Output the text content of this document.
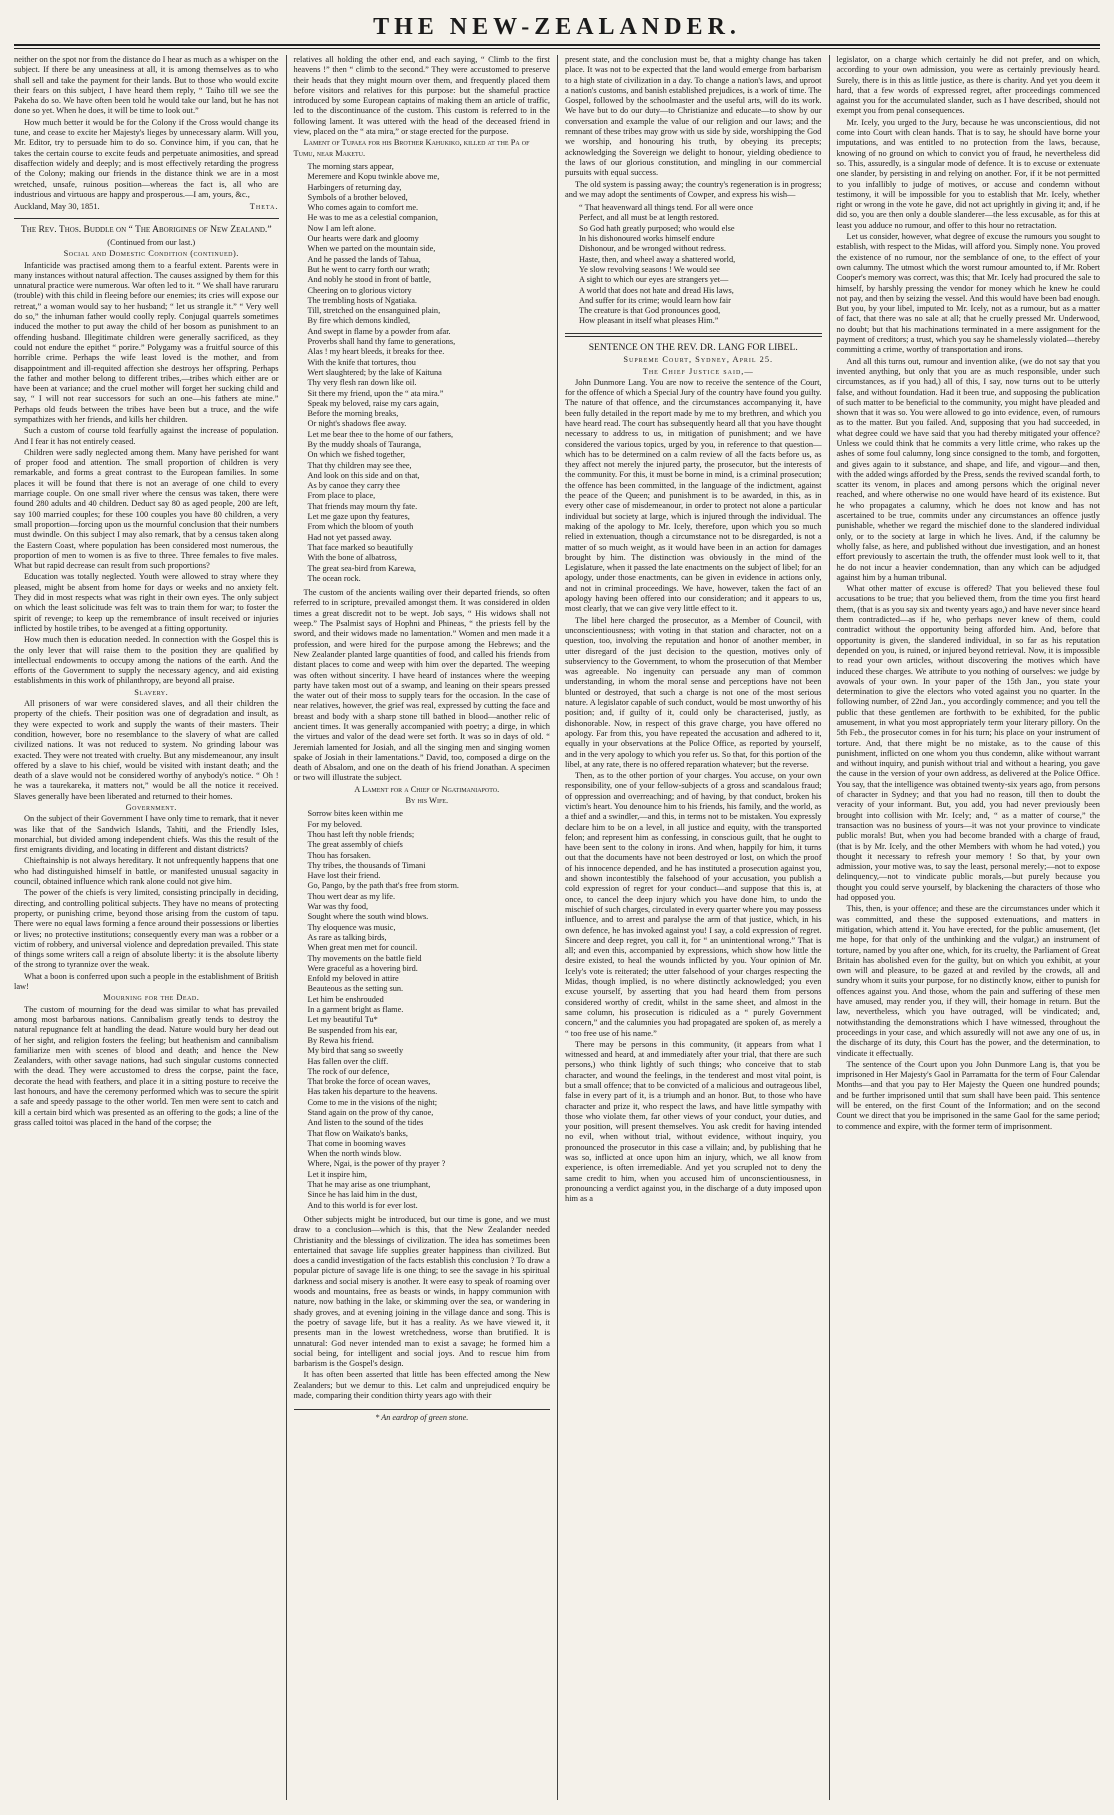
THE NEW-ZEALANDER.

neither on the spot nor from the distance do I hear as much as a whisper on the subject. If there be any uneasiness at all, it is among themselves as to who shall sell and take the payment for their lands. But to those who would excite their fears on this subject, I have heard them reply, “ Taiho till we see the Pakeha do so. We have often been told he would take our land, but he has not done so yet. When he does, it will be time to look out.”

How much better it would be for the Colony if the Cross would change its tune, and cease to excite her Majesty's lieges by unnecessary alarm. Will you, Mr. Editor, try to persuade him to do so. Convince him, if you can, that he takes the certain course to excite feuds and perpetuate animosities, and spread disaffection widely and deeply; and is most effectively retarding the progress of the Colony; making our friends in the distance think we are in a most wretched, unsafe, ruinous position—whereas the fact is, all who are industrious and virtuous are happy and prosperous.—I am, yours, &c.,

Auckland, May 30, 1851.	Theta.
The Rev. Thos. Buddle on “ The Aborigines of New Zealand.”

(Continued from our last.)

Social and Domestic Condition (continued).

Infanticide was practised among them to a fearful extent. Parents were in many instances without natural affection. The causes assigned by them for this unnatural practice were numerous. War often led to it. “ We shall have raruraru (trouble) with this child in fleeing before our enemies; its cries will expose our retreat,” a woman would say to her husband; “ let us strangle it.” “ Very well do so,” the inhuman father would coolly reply. Conjugal quarrels sometimes induced the mother to put away the child of her bosom as punishment to an offending husband. Illegitimate children were generally sacrificed, as they could not endure the epithet “ porire.” Polygamy was a fruitful source of this horrible crime. Perhaps the wife least loved is the mother, and from disappointment and ill-requited affection she destroys her offspring. Perhaps the father and mother belong to different tribes,—tribes which either are or have been at variance; and the cruel mother will forget her sucking child and say, “ I will not rear successors for such an one—his fathers ate mine.” Perhaps old feuds between the tribes have been but a truce, and the wife sympathizes with her friends, and kills her children.

Such a custom of course told fearfully against the increase of population. And I fear it has not entirely ceased.

Children were sadly neglected among them. Many have perished for want of proper food and attention. The small proportion of children is very remarkable, and forms a great contrast to the European families. In some places it will be found that there is not an average of one child to every marriage couple. On one small river where the census was taken, there were found 280 adults and 40 children. Deduct say 80 as aged people, 200 are left, say 100 married couples; for these 100 couples you have 80 children, a very small proportion—forcing upon us the mournful conclusion that their numbers must dwindle. On this subject I may also remark, that by a census taken along the Eastern Coast, where population has been considered most numerous, the proportion of men to women is as five to three. Three females to five males. What but rapid decrease can result from such proportions?

Education was totally neglected. Youth were allowed to stray where they pleased, might be absent from home for days or weeks and no anxiety felt. They did in most respects what was right in their own eyes. The only subject on which the least solicitude was felt was to train them for war; to foster the spirit of revenge; to keep up the remembrance of insult received or injuries inflicted by hostile tribes, to be avenged at a fitting opportunity.

How much then is education needed. In connection with the Gospel this is the only lever that will raise them to the position they are qualified by intellectual endowments to occupy among the nations of the earth. And the efforts of the Government to supply the necessary agency, and aid existing establishments in this work of philanthropy, are beyond all praise.

Slavery.

All prisoners of war were considered slaves, and all their children the property of the chiefs. Their position was one of degradation and insult, as they were expected to work and supply the wants of their masters. Their condition, however, bore no resemblance to the slavery of what are called civilized nations. It was not reduced to system. No grinding labour was exacted. They were not treated with cruelty. But any misdemeanour, any insult offered by a slave to his chief, would be visited with instant death; and the death of a slave would not be considered worthy of anybody's notice. “ Oh ! he was a taurekareka, it matters not,” would be all the notice it received. Slaves generally have been liberated and returned to their homes.

Government.

On the subject of their Government I have only time to remark, that it never was like that of the Sandwich Islands, Tahiti, and the Friendly Isles, monarchial, but divided among independent chiefs. Was this the result of the first emigrants dividing, and locating in different and distant districts?

Chieftainship is not always hereditary. It not unfrequently happens that one who had distinguished himself in battle, or manifested unusual sagacity in council, obtained influence which rank alone could not give him.

The power of the chiefs is very limited, consisting principally in deciding, directing, and controlling political subjects. They have no means of protecting property, or punishing crime, beyond those arising from the custom of tapu. There were no equal laws forming a fence around their possessions or liberties or lives; no protective institutions; consequently every man was a robber or a victim of robbery, and universal violence and depredation prevailed. This state of things some writers call a reign of absolute liberty: it is the absolute liberty of the strong to tyrannize over the weak.

What a boon is conferred upon such a people in the establishment of British law!

Mourning for the Dead.

The custom of mourning for the dead was similar to what has prevailed among most barbarous nations. Cannibalism greatly tends to destroy the natural repugnance felt at handling the dead. Nature would bury her dead out of her sight, and religion fosters the feeling; but heathenism and cannibalism familiarize men with scenes of blood and death; and hence the New Zealanders, with other savage nations, had such singular customs connected with the dead. They were accustomed to dress the corpse, paint the face, decorate the head with feathers, and place it in a sitting posture to receive the last honours, and have the ceremony performed which was to secure the spirit a safe and speedy passage to the other world. Ten men were sent to catch and kill a certain bird which was presented as an offering to the gods; a line of the grass called toitoi was placed in the hand of the corpse; the

relatives all holding the other end, and each saying, “ Climb to the first heavens !” then “ climb to the second.” They were accustomed to preserve their heads that they might mourn over them, and frequently placed them before visitors and relatives for this purpose: but the shameful practice introduced by some European captains of making them an article of traffic, led to the discontinuance of the custom. This custom is referred to in the following lament. It was uttered with the head of the deceased friend in view, placed on the “ ata mira,” or stage erected for the purpose.

Lament of Tupaea for his Brother Kahukiko, killed at the Pa of Tumu, near Maketu.

The morning stars appear,
Meremere and Kopu twinkle above me,
Harbingers of returning day,
Symbols of a brother beloved,
Who comes again to comfort me.
He was to me as a celestial companion,
Now I am left alone.
Our hearts were dark and gloomy
When we parted on the mountain side,
And he passed the lands of Tahua,
But he went to carry forth our wrath;
And nobly he stood in front of battle,
Cheering on to glorious victory
The trembling hosts of Ngatiaka.
Till, stretched on the ensanguined plain,
By fire which demons kindled,
And swept in flame by a powder from afar.
Proverbs shall hand thy fame to generations,
Alas ! my heart bleeds, it breaks for thee.
With the knife that tortures, thou
Wert slaughtered; by the lake of Kaituna
Thy very flesh ran down like oil.
Sit there my friend, upon the “ ata mira.”
Speak my beloved, raise my cars again,
Before the morning breaks,
Or night's shadows flee away.
Let me bear thee to the home of our fathers,
By the muddy shoals of Tauranga,
On which we fished together,
That thy children may see thee,
And look on this side and on that,
As by canoe they carry thee
From place to place,
That friends may mourn thy fate.
Let me gaze upon thy features,
From which the bloom of youth
Had not yet passed away.
That face marked so beautifully
With the bone of albatross,
The great sea-bird from Karewa,
The ocean rock.

The custom of the ancients wailing over their departed friends, so often referred to in scripture, prevailed amongst them. It was considered in olden times a great discredit not to be wept. Job says, “ His widows shall not weep.” The Psalmist says of Hophni and Phineas, “ the priests fell by the sword, and their widows made no lamentation.” Women and men made it a profession, and were hired for the purpose among the Hebrews; and the New Zealander planted large quantities of food, and called his friends from distant places to come and weep with him over the departed. The weeping was often without sincerity. I have heard of instances where the weeping party have taken most out of a swamp, and leaning on their spears pressed the water out of their moss to supply tears for the occasion. In the case of near relatives, however, the grief was real, expressed by cutting the face and breast and body with a sharp stone till bathed in blood—another relic of ancient times. It was generally accompanied with poetry; a dirge, in which the virtues and valor of the dead were set forth. It was so in days of old. “ Jeremiah lamented for Josiah, and all the singing men and singing women spake of Josiah in their lamentations.” David, too, composed a dirge on the death of Absalom, and one on the death of his friend Jonathan. A specimen or two will illustrate the subject.

A Lament for a Chief of Ngatimaniapoto.

By his Wife.

Sorrow bites keen within me
For my beloved.
Thou hast left thy noble friends;
The great assembly of chiefs
Thou has forsaken.
Thy tribes, the thousands of Timani
Have lost their friend.
Go, Pango, by the path that's free from storm.
Thou wert dear as my life.
War was thy food,
Sought where the south wind blows.
Thy eloquence was music,
As rare as talking birds,
When great men met for council.
Thy movements on the battle field
Were graceful as a hovering bird.
Enfold my beloved in attire
Beauteous as the setting sun.
Let him be enshrouded
In a garment bright as flame.
Let my beautiful Tu*
Be suspended from his ear,
By Rewa his friend.
My bird that sang so sweetly
Has fallen over the cliff.
The rock of our defence,
That broke the force of ocean waves,
Has taken his departure to the heavens.
Come to me in the visions of the night;
Stand again on the prow of thy canoe,
And listen to the sound of the tides
That flow on Waikato's banks,
That come in booming waves
When the north winds blow.
Where, Ngai, is the power of thy prayer ?
Let it inspire him,
That he may arise as one triumphant,
Since he has laid him in the dust,
And to this world is for ever lost.

Other subjects might be introduced, but our time is gone, and we must draw to a conclusion—which is this, that the New Zealander needed Christianity and the blessings of civilization. The idea has sometimes been entertained that savage life supplies greater happiness than civilized. But does a candid investigation of the facts establish this conclusion ? To draw a popular picture of savage life is one thing; to see the savage in his spiritual darkness and social misery is another. It were easy to speak of roaming over woods and mountains, free as beasts or winds, in happy communion with nature, now bathing in the lake, or skimming over the sea, or wandering in shady groves, and at evening joining in the village dance and song. This is the poetry of savage life, but it has a reality. As we have viewed it, it presents man in the lowest wretchedness, worse than brutified. It is unnatural: God never intended man to exist a savage; he formed him a social being, for intelligent and social joys. And to rescue him from barbarism is the Gospel's design.

It has often been asserted that little has been effected among the New Zealanders; but we demur to this. Let calm and unprejudiced enquiry be made, comparing their condition thirty years ago with their

* An eardrop of green stone.

present state, and the conclusion must be, that a mighty change has taken place. It was not to be expected that the land would emerge from barbarism to a high state of civilization in a day. To change a nation's laws, and uproot a nation's customs, and banish established prejudices, is a work of time. The Gospel, followed by the schoolmaster and the useful arts, will do its work. We have but to do our duty—to Christianize and educate—to show by our conversation and example the value of our religion and our laws; and the remnant of these tribes may grow with us side by side, worshipping the God we worship, and honouring his truth, by obeying its precepts; acknowledging the Sovereign we delight to honour, yielding obedience to the laws of our glorious constitution, and mingling in our commercial pursuits with equal success.

The old system is passing away; the country's regeneration is in progress; and we may adopt the sentiments of Cowper, and express his wish—

“ That heavenward all things tend. For all were once
Perfect, and all must be at length restored.
So God hath greatly purposed; who would else
In his dishonoured works himself endure
Dishonour, and be wronged without redress.
Haste, then, and wheel away a shattered world,
Ye slow revolving seasons ! We would see
A sight to which our eyes are strangers yet—
A world that does not hate and dread His laws,
And suffer for its crime; would learn how fair
The creature is that God pronounces good,
How pleasant in itself what pleases Him.”
SENTENCE ON THE REV. DR. LANG FOR LIBEL.

Supreme Court, Sydney, April 25.

The Chief Justice said,—

John Dunmore Lang. You are now to receive the sentence of the Court, for the offence of which a Special Jury of the country have found you guilty. The nature of that offence, and the circumstances accompanying it, have been fully detailed in the report made by me to my brethren, and which you have heard read. The court has subsequently heard all that you have thought necessary to address to us, in mitigation of punishment; and we have considered the various topics, urged by you, in reference to that question—which has to be determined on a calm review of all the facts before us, as they affect not merely the injured party, the prosecutor, but the interests of the community. For this, it must be borne in mind, is a criminal prosecution; the offence has been committed, in the language of the indictment, against the peace of the Queen; and punishment is to be awarded, in this, as in every other case of misdemeanour, in order to protect not alone a particular individual but society at large, which is injured through the individual. The making of the apology to Mr. Icely, therefore, upon which you so much relied in extenuation, though a circumstance not to be disregarded, is not a matter of so much weight, as it would have been in an action for damages brought by him. The distinction was obviously in the mind of the Legislature, when it passed the late enactments on the subject of libel; for an apology, under those enactments, can be given in evidence in actions only, and not in criminal proceedings. We have, however, taken the fact of an apology having been offered into our consideration; and it appears to us, most clearly, that we can give very little effect to it.

The libel here charged the prosecutor, as a Member of Council, with unconscientiousness; with voting in that station and character, not on a question, too, involving the reputation and honor of another member, in utter disregard of the just decision to the question, motives only of subserviency to the Government, to whom the prosecution of that Member was agreeable. No ingenuity can persuade any man of common understanding, in whom the moral sense and perceptions have not been blunted or destroyed, that such a charge is not one of the most serious nature. A legislator capable of such conduct, would be most unworthy of his position; and, if guilty of it, could only be characterised, justly, as dishonorable. Now, in respect of this grave charge, you have offered no apology. Far from this, you have repeated the accusation and adhered to it, equally in your observations at the Police Office, as reported by yourself, and in the very apology to which you refer us. So that, for this portion of the libel, at any rate, there is no offered reparation whatever; but the reverse.

Then, as to the other portion of your charges. You accuse, on your own responsibility, one of your fellow-subjects of a gross and scandalous fraud; of oppression and overreaching; and of having, by that conduct, broken his victim's heart. You denounce him to his friends, his family, and the world, as a thief and a swindler,—and this, in terms not to be mistaken. You expressly declare him to be on a level, in all justice and equity, with the transported felon; and represent him as confessing, in conscious guilt, that he ought to have been sent to the colony in irons. And when, happily for him, it turns out that the documents have not been destroyed or lost, on which the proof of his innocence depended, and he has instituted a prosecution against you, and shown incontestibly the falsehood of your accusation, you publish a cold expression of regret for your conduct—and suppose that this is, at once, to cancel the deep injury which you have done him, to undo the mischief of such charges, circulated in every quarter where you may possess influence, and to arrest and paralyse the arm of that justice, which, in his own defence, he has invoked against you! I say, a cold expression of regret. Sincere and deep regret, you call it, for “ an unintentional wrong.” That is all; and even this, accompanied by expressions, which show how little the desire existed, to heal the wounds inflicted by you. Your opinion of Mr. Icely's vote is reiterated; the utter falsehood of your charges respecting the Midas, though implied, is no where distinctly acknowledged; you even excuse yourself, by asserting that you had heard them from persons considered worthy of credit, whilst in the same sheet, and almost in the same column, his prosecution is ridiculed as a “ purely Government concern,” and the calumnies you had propagated are spoken of, as merely a “ too free use of his name.”

There may be persons in this community, (it appears from what I witnessed and heard, at and immediately after your trial, that there are such persons,) who think lightly of such things; who conceive that to stab character, and wound the feelings, in the tenderest and most vital point, is but a small offence; that to be convicted of a malicious and outrageous libel, false in every part of it, is a triumph and an honor. But, to those who have character and prize it, who respect the laws, and have little sympathy with those who violate them, far other views of your conduct, your duties, and your position, will present themselves. You ask credit for having intended no evil, when without trial, without evidence, without inquiry, you pronounced the prosecutor in this case a villain; and, by publishing that he was so, inflicted at once upon him an injury, which, we all know from experience, is often irremediable. And yet you scrupled not to deny the same credit to him, when you accused him of unconscientiousness, in pronouncing a verdict against you, in the discharge of a duty imposed upon him as a

legislator, on a charge which certainly he did not prefer, and on which, according to your own admission, you were as certainly previously heard. Surely, there is in this as little justice, as there is charity. And yet you deem it hard, that a few words of expressed regret, after proceedings commenced against you for the accumulated slander, such as I have described, should not exempt you from penal consequences.

Mr. Icely, you urged to the Jury, because he was unconscientious, did not come into Court with clean hands. That is to say, he should have borne your imputations, and was entitled to no protection from the laws, because, knowing of no ground on which to convict you of fraud, he nevertheless did so. This, assuredly, is a singular mode of defence. It is to excuse or extenuate one slander, by persisting in and relying on another. For, if it be not permitted to you infallibly to judge of motives, or accuse and condemn without testimony, it will be impossible for you to establish that Mr. Icely, whether right or wrong in the vote he gave, did not act uprightly in giving it; and, if he did so, you are then only a double slanderer—the less excusable, as for this at least you adduce no rumour, and offer to this hour no retractation.

Let us consider, however, what degree of excuse the rumours you sought to establish, with respect to the Midas, will afford you. Simply none. You proved the existence of no rumour, nor the semblance of one, to the effect of your own calumny. The utmost which the worst rumour amounted to, if Mr. Robert Cooper's memory was correct, was this; that Mr. Icely had procured the sale to himself, by harshly pressing the vendor for money which he knew he could not pay, and then by seizing the vessel. And this would have been bad enough. But you, by your libel, imputed to Mr. Icely, not as a rumour, but as a matter of fact, that there was no sale at all; that he cruelly pressed Mr. Underwood, no doubt; but that his machinations terminated in a mere assignment for the payment of creditors; a trust, which you say he shamelessly violated—thereby committing a crime, worthy of transportation and irons.

And all this turns out, rumour and invention alike, (we do not say that you invented anything, but only that you are as much responsible, under such circumstances, as if you had,) all of this, I say, now turns out to be utterly false, and without foundation. Had it been true, and supposing the publication of such matter to be beneficial to the community, you might have pleaded and shown that it was so. You were allowed to go into evidence, even, of rumours as to the matter. But you failed. And, supposing that you had succeeded, in what degree could we have said that you had thereby mitigated your offence? Unless we could think that he commits a very little crime, who rakes up the ashes of some foul calumny, long since consigned to the tomb, and forgotten, and gives again to it substance, and shape, and life, and vigour—and then, with the added wings afforded by the Press, sends the revived scandal forth, to scatter its venom, in places and among persons which the original never reached, and where otherwise no one would have heard of its existence. But he who propagates a calumny, which he does not know and has not ascertained to be true, commits under any circumstances an offence justly punishable, whether we regard the mischief done to the slandered individual only, or to the society at large in which he lives. And, if the calumny be wholly false, as here, and published without due investigation, and an honest effort previously to ascertain the truth, the offender must look well to it, that he do not incur a heavier condemnation, than any which can be adjudged against him by a human tribunal.

What other matter of excuse is offered? That you believed these foul accusations to be true; that you believed them, from the time you first heard them, (that is as you say six and twenty years ago,) and have never since heard them contradicted—as if he, who perhaps never knew of them, could contradict without the opportunity being afforded him. And, before that opportunity is given, the slandered individual, in so far as his reputation depended on you, is ruined, or injured beyond retrieval. Now, it is impossible to read your own articles, without discovering the motives which have induced these charges. We attribute to you nothing of ourselves: we judge by avowals of your own. In your paper of the 15th Jan., you state your determination to give the electors who voted against you no quarter. In the following number, of 22nd Jan., you accordingly commence; and you tell the public that these gentlemen are forthwith to be exhibited, for the public amusement, in what you most appropriately term your literary pillory. On the 5th Feb., the prosecutor comes in for his turn; his place on your instrument of torture. And, that there might be no mistake, as to the cause of this punishment, inflicted on one whom you thus condemn, alike without warrant and without inquiry, and punish without trial and without a hearing, you gave the cause in the version of your own address, as delivered at the Police Office. You say, that the intelligence was obtained twenty-six years ago, from persons of character in Sydney; and that you had no reason, till then to doubt the veracity of your informant. But, you add, you had never previously been brought into collision with Mr. Icely; and, “ as a matter of course,” the transaction was no business of yours—it was not your province to vindicate public morals! But, when you had become branded with a charge of fraud, (that is by Mr. Icely, and the other Members with whom he had voted,) you thought it necessary to refresh your memory ! So that, by your own admission, your motive was, to say the least, personal merely;—not to expose delinquency,—not to vindicate public morals,—but purely because you thought you could serve yourself, by blackening the characters of those who had opposed you.

This, then, is your offence; and these are the circumstances under which it was committed, and these the supposed extenuations, and matters in mitigation, which attend it. You have erected, for the public amusement, (let me hope, for that only of the unthinking and the vulgar,) an instrument of torture, named by you after one, which, for its cruelty, the Parliament of Great Britain has abolished even for the guilty, but on which you exhibit, at your own will and pleasure, to be gazed at and reviled by the crowds, all and sundry whom it suits your purpose, for no distinctly know, either to punish for offences against you. And those, whom the pain and suffering of these men have amused, may render you, if they will, their homage in return. But the law, nevertheless, which you have outraged, will be vindicated; and, notwithstanding the demonstrations which I have witnessed, throughout the proceedings in your case, and which assuredly will not awe any one of us, in the discharge of its duty, this Court has the power, and the determination, to vindicate it effectually.

The sentence of the Court upon you John Dunmore Lang is, that you be imprisoned in Her Majesty's Gaol in Parramatta for the term of Four Calendar Months—and that you pay to Her Majesty the Queen one hundred pounds; and be further imprisoned until that sum shall have been paid. This sentence will be entered, on the first Count of the Information; and on the second Count we direct that you be imprisoned in the same Gaol for the same period; to commence and expire, with the former term of imprisonment.
